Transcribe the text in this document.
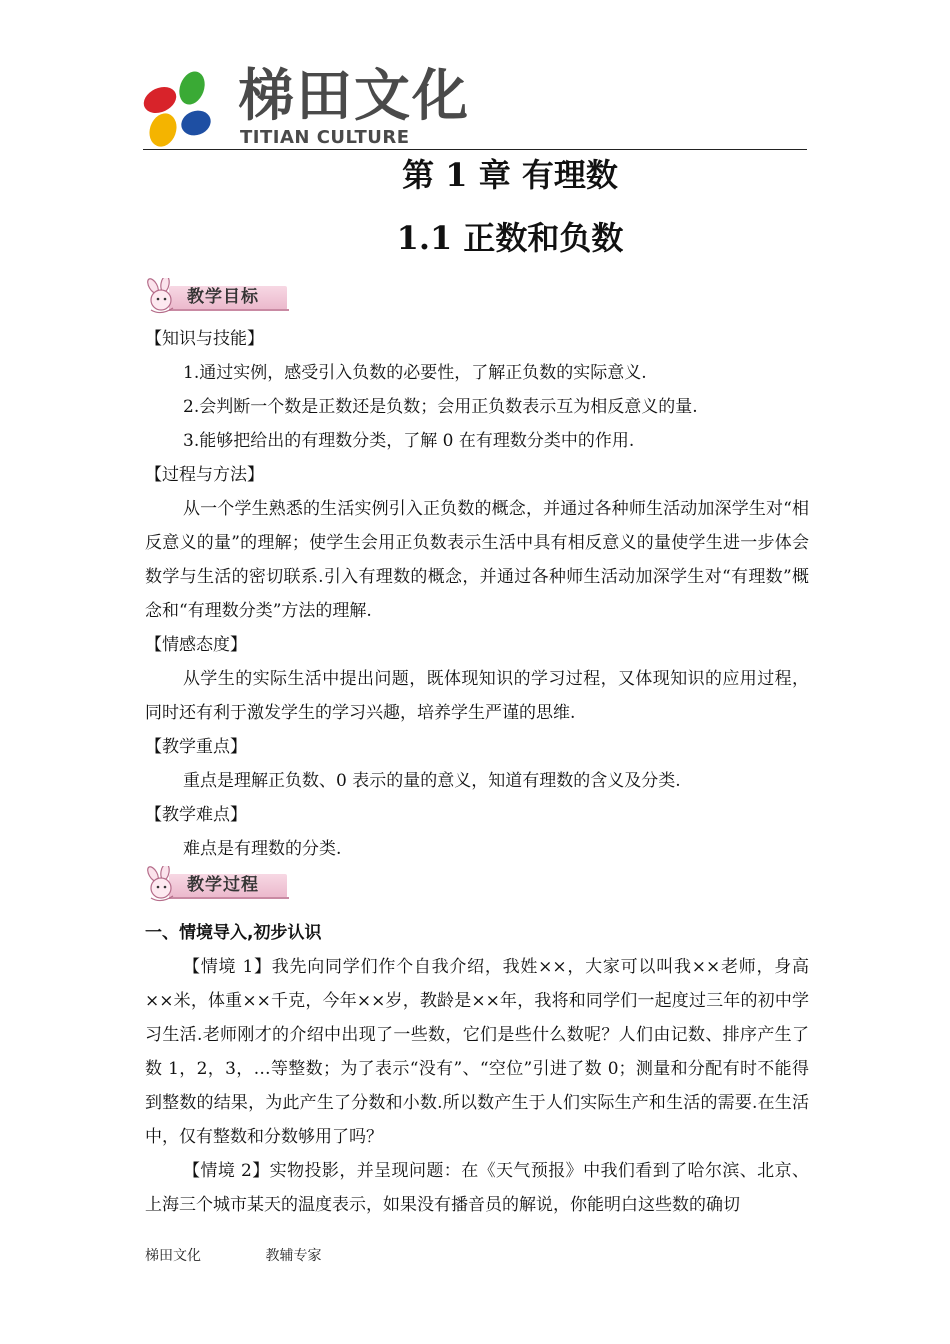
梯田文化
TITIAN CULTURE
第 1 章 有理数
1.1 正数和负数
教学目标

【知识与技能】

1.通过实例，感受引入负数的必要性，了解正负数的实际意义.

2.会判断一个数是正数还是负数；会用正负数表示互为相反意义的量.

3.能够把给出的有理数分类，了解 0 在有理数分类中的作用.

【过程与方法】

从一个学生熟悉的生活实例引入正负数的概念，并通过各种师生活动加深学生对“相反意义的量”的理解；使学生会用正负数表示生活中具有相反意义的量使学生进一步体会数学与生活的密切联系.引入有理数的概念，并通过各种师生活动加深学生对“有理数”概念和“有理数分类”方法的理解.

【情感态度】

从学生的实际生活中提出问题，既体现知识的学习过程，又体现知识的应用过程，同时还有利于激发学生的学习兴趣，培养学生严谨的思维.

【教学重点】

重点是理解正负数、0 表示的量的意义，知道有理数的含义及分类.

【教学难点】

难点是有理数的分类.

一、情境导入,初步认识

【情境 1】我先向同学们作个自我介绍，我姓××，大家可以叫我××老师，身高××米，体重××千克，今年××岁，教龄是××年，我将和同学们一起度过三年的初中学习生活.老师刚才的介绍中出现了一些数，它们是些什么数呢？人们由记数、排序产生了数 1，2，3，…等整数；为了表示“没有”、“空位”引进了数 0；测量和分配有时不能得到整数的结果，为此产生了分数和小数.所以数产生于人们实际生产和生活的需要.在生活中，仅有整数和分数够用了吗？

【情境 2】实物投影，并呈现问题：在《天气预报》中我们看到了哈尔滨、北京、上海三个城市某天的温度表示，如果没有播音员的解说，你能明白这些数的确切

教学过程
梯田文化	教辅专家
